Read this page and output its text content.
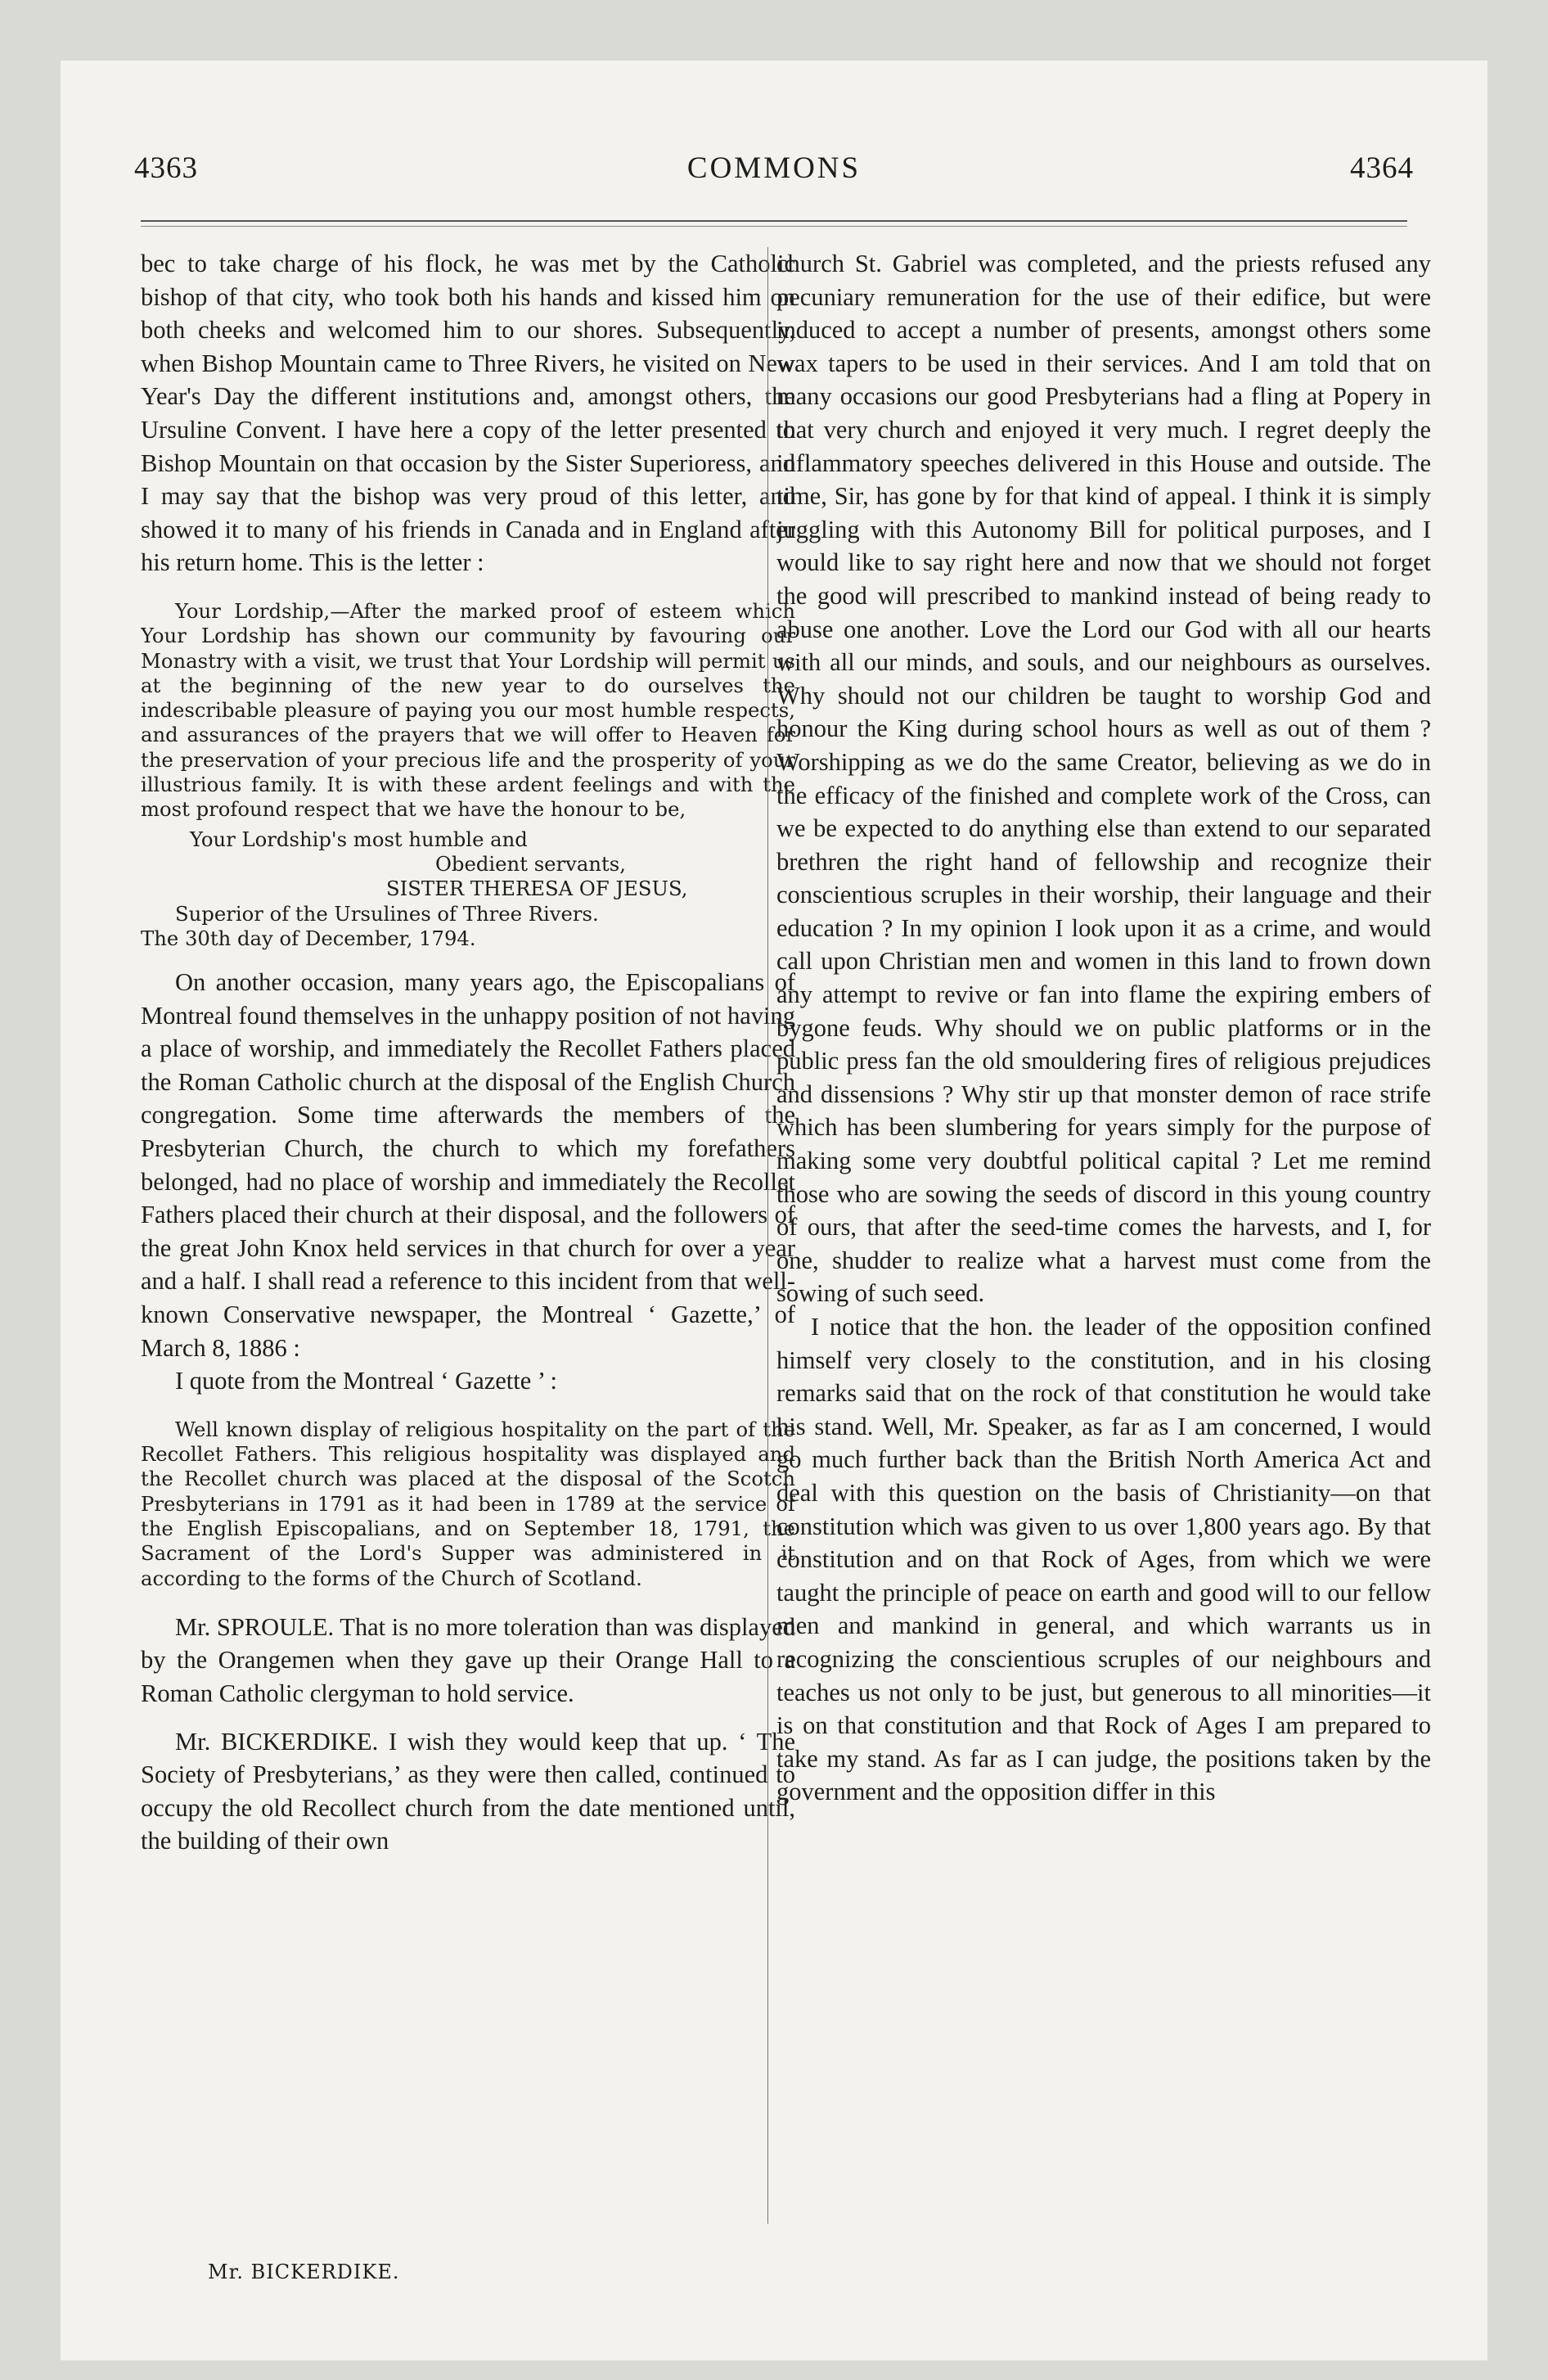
4363	COMMONS	4364

bec to take charge of his flock, he was met by the Catholic bishop of that city, who took both his hands and kissed him on both cheeks and welcomed him to our shores. Subsequently, when Bishop Mountain came to Three Rivers, he visited on New Year's Day the different institutions and, amongst others, the Ursuline Convent. I have here a copy of the letter presented to Bishop Mountain on that occasion by the Sister Superioress, and I may say that the bishop was very proud of this letter, and showed it to many of his friends in Canada and in England after his return home. This is the letter :

Your Lordship,—After the marked proof of esteem which Your Lordship has shown our community by favouring our Monastry with a visit, we trust that Your Lordship will permit us at the beginning of the new year to do ourselves the indescribable pleasure of paying you our most humble respects, and assurances of the prayers that we will offer to Heaven for the preservation of your precious life and the prosperity of your illustrious family. It is with these ardent feelings and with the most profound respect that we have the honour to be,

Your Lordship's most humble and
Obedient servants,
SISTER THERESA OF JESUS,
Superior of the Ursulines of Three Rivers.
The 30th day of December, 1794.

On another occasion, many years ago, the Episcopalians of Montreal found themselves in the unhappy position of not having a place of worship, and immediately the Recollet Fathers placed the Roman Catholic church at the disposal of the English Church congregation. Some time afterwards the members of the Presbyterian Church, the church to which my forefathers belonged, had no place of worship and immediately the Recollet Fathers placed their church at their disposal, and the followers of the great John Knox held services in that church for over a year and a half. I shall read a reference to this incident from that well-known Conservative newspaper, the Montreal ‘ Gazette,’ of March 8, 1886 :

I quote from the Montreal ‘ Gazette ’ :

Well known display of religious hospitality on the part of the Recollet Fathers. This religious hospitality was displayed and the Recollet church was placed at the disposal of the Scotch Presbyterians in 1791 as it had been in 1789 at the service of the English Episcopalians, and on September 18, 1791, the Sacrament of the Lord's Supper was administered in it according to the forms of the Church of Scotland.

Mr. SPROULE. That is no more toleration than was displayed by the Orangemen when they gave up their Orange Hall to a Roman Catholic clergyman to hold service.

Mr. BICKERDIKE. I wish they would keep that up. ‘ The Society of Presbyterians,’ as they were then called, continued to occupy the old Recollect church from the date mentioned until, the building of their own

church St. Gabriel was completed, and the priests refused any pecuniary remuneration for the use of their edifice, but were induced to accept a number of presents, amongst others some wax tapers to be used in their services. And I am told that on many occasions our good Presbyterians had a fling at Popery in that very church and enjoyed it very much. I regret deeply the inflammatory speeches delivered in this House and outside. The time, Sir, has gone by for that kind of appeal. I think it is simply juggling with this Autonomy Bill for political purposes, and I would like to say right here and now that we should not forget the good will prescribed to mankind instead of being ready to abuse one another. Love the Lord our God with all our hearts with all our minds, and souls, and our neighbours as ourselves. Why should not our children be taught to worship God and honour the King during school hours as well as out of them ? Worshipping as we do the same Creator, believing as we do in the efficacy of the finished and complete work of the Cross, can we be expected to do anything else than extend to our separated brethren the right hand of fellowship and recognize their conscientious scruples in their worship, their language and their education ? In my opinion I look upon it as a crime, and would call upon Christian men and women in this land to frown down any attempt to revive or fan into flame the expiring embers of bygone feuds. Why should we on public platforms or in the public press fan the old smouldering fires of religious prejudices and dissensions ? Why stir up that monster demon of race strife which has been slumbering for years simply for the purpose of making some very doubtful political capital ? Let me remind those who are sowing the seeds of discord in this young country of ours, that after the seed-time comes the harvests, and I, for one, shudder to realize what a harvest must come from the sowing of such seed.

I notice that the hon. the leader of the opposition confined himself very closely to the constitution, and in his closing remarks said that on the rock of that constitution he would take his stand. Well, Mr. Speaker, as far as I am concerned, I would go much further back than the British North America Act and deal with this question on the basis of Christianity—on that constitution which was given to us over 1,800 years ago. By that constitution and on that Rock of Ages, from which we were taught the principle of peace on earth and good will to our fellow men and mankind in general, and which warrants us in recognizing the conscientious scruples of our neighbours and teaches us not only to be just, but generous to all minorities—it is on that constitution and that Rock of Ages I am prepared to take my stand. As far as I can judge, the positions taken by the government and the opposition differ in this

Mr. BICKERDIKE.
